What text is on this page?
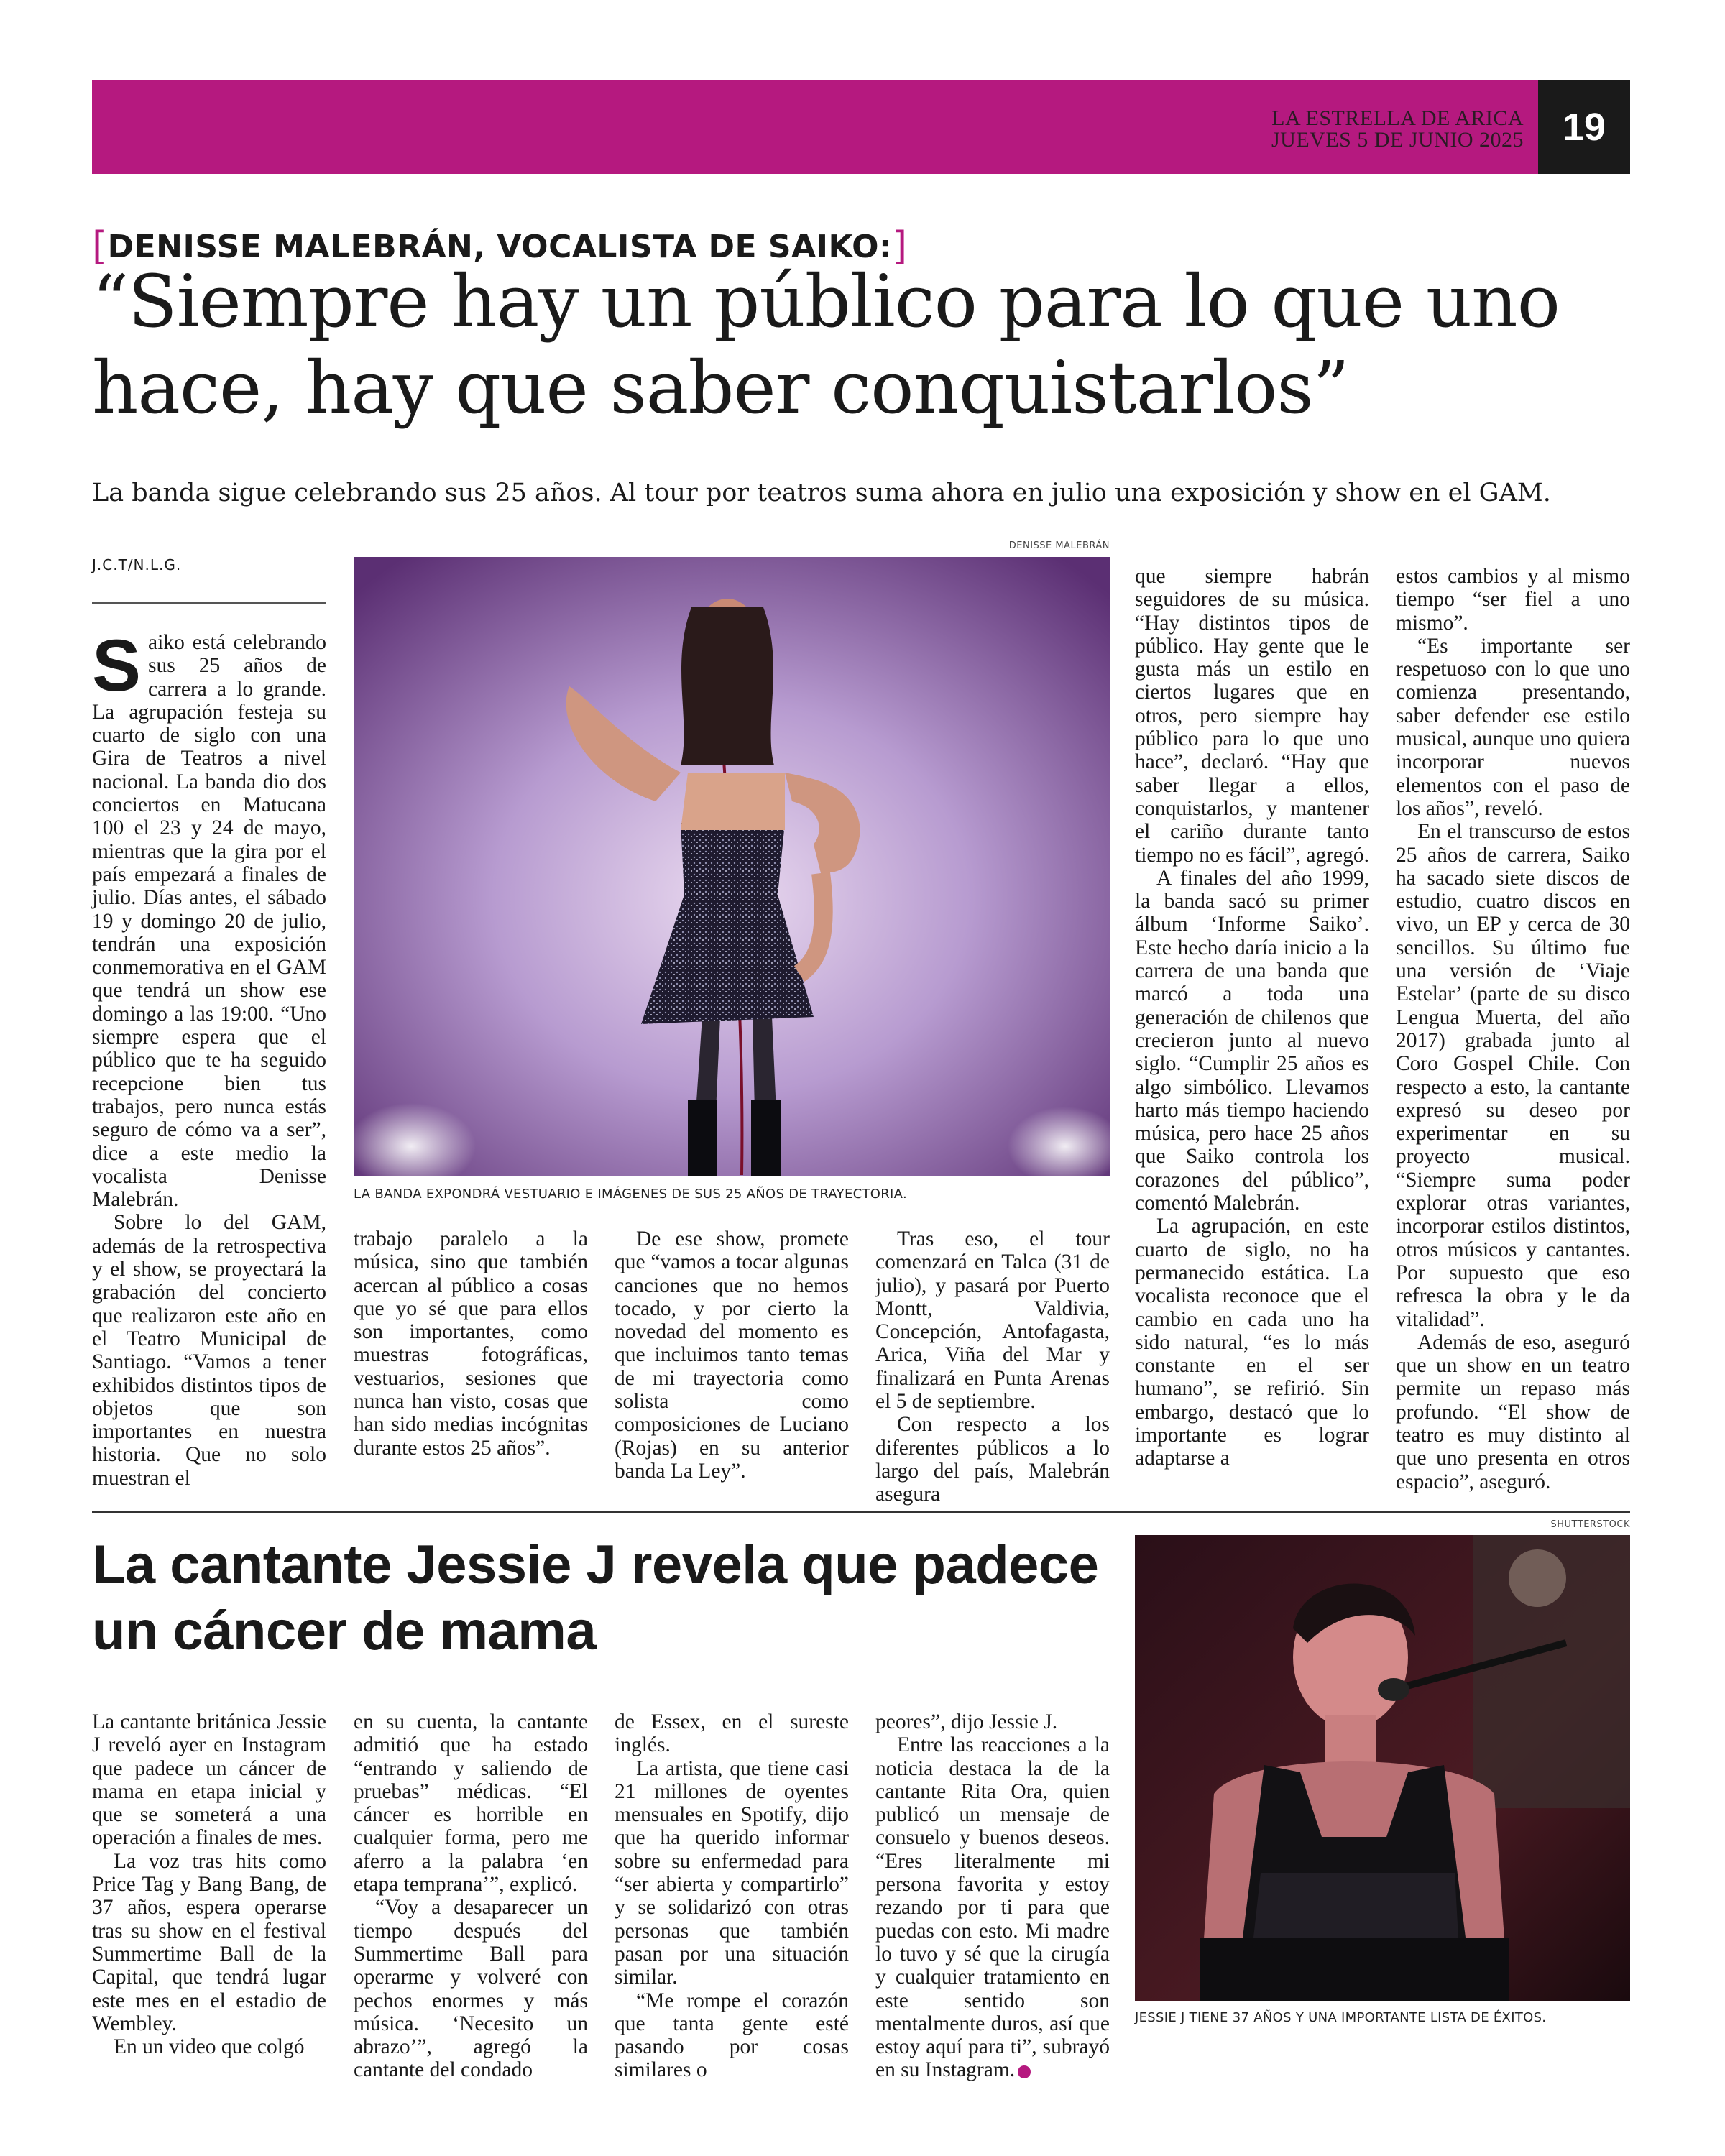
LA ESTRELLA DE ARICA
JUEVES 5 DE JUNIO 2025 19
[DENISSE MALEBRÁN, VOCALISTA DE SAIKO:]
“Siempre hay un público para lo que uno hace, hay que saber conquistarlos”
La banda sigue celebrando sus 25 años. Al tour por teatros suma ahora en julio una exposición y show en el GAM.
J.C.T/N.L.G.

Saiko está celebrando sus 25 años de carrera a lo grande. La agrupación festeja su cuarto de siglo con una Gira de Teatros a nivel nacional. La banda dio dos conciertos en Matucana 100 el 23 y 24 de mayo, mientras que la gira por el país empezará a finales de julio. Días antes, el sábado 19 y domingo 20 de julio, tendrán una exposición conmemorativa en el GAM que tendrá un show ese domingo a las 19:00. “Uno siempre espera que el público que te ha seguido recepcione bien tus trabajos, pero nunca estás seguro de cómo va a ser”, dice a este medio la vocalista Denisse Malebrán.

Sobre lo del GAM, además de la retrospectiva y el show, se proyectará la grabación del concierto que realizaron este año en el Teatro Municipal de Santiago. “Vamos a tener exhibidos distintos tipos de objetos que son importantes en nuestra historia. Que no solo muestran el

DENISSE MALEBRÁN
LA BANDA EXPONDRÁ VESTUARIO E IMÁGENES DE SUS 25 AÑOS DE TRAYECTORIA.

trabajo paralelo a la música, sino que también acercan al público a cosas que yo sé que para ellos son importantes, como muestras fotográficas, vestuarios, sesiones que nunca han visto, cosas que han sido medias incógnitas durante estos 25 años”.

De ese show, promete que “vamos a tocar algunas canciones que no hemos tocado, y por cierto la novedad del momento es que incluimos tanto temas de mi trayectoria como solista como composiciones de Luciano (Rojas) en su anterior banda La Ley”.

Tras eso, el tour comenzará en Talca (31 de julio), y pasará por Puerto Montt, Valdivia, Concepción, Antofagasta, Arica, Viña del Mar y finalizará en Punta Arenas el 5 de septiembre.

Con respecto a los diferentes públicos a lo largo del país, Malebrán asegura

que siempre habrán seguidores de su música. “Hay distintos tipos de público. Hay gente que le gusta más un estilo en ciertos lugares que en otros, pero siempre hay público para lo que uno hace”, declaró. “Hay que saber llegar a ellos, conquistarlos, y mantener el cariño durante tanto tiempo no es fácil”, agregó.

A finales del año 1999, la banda sacó su primer álbum ‘Informe Saiko’. Este hecho daría inicio a la carrera de una banda que marcó a toda una generación de chilenos que crecieron junto al nuevo siglo. “Cumplir 25 años es algo simbólico. Llevamos harto más tiempo haciendo música, pero hace 25 años que Saiko controla los corazones del público”, comentó Malebrán.

La agrupación, en este cuarto de siglo, no ha permanecido estática. La vocalista reconoce que el cambio en cada uno ha sido natural, “es lo más constante en el ser humano”, se refirió. Sin embargo, destacó que lo importante es lograr adaptarse a

estos cambios y al mismo tiempo “ser fiel a uno mismo”.

“Es importante ser respetuoso con lo que uno comienza presentando, saber defender ese estilo musical, aunque uno quiera incorporar nuevos elementos con el paso de los años”, reveló.

En el transcurso de estos 25 años de carrera, Saiko ha sacado siete discos de estudio, cuatro discos en vivo, un EP y cerca de 30 sencillos. Su último fue una versión de ‘Viaje Estelar’ (parte de su disco Lengua Muerta, del año 2017) grabada junto al Coro Gospel Chile. Con respecto a esto, la cantante expresó su deseo por experimentar en su proyecto musical. “Siempre suma poder explorar otras variantes, incorporar estilos distintos, otros músicos y cantantes. Por supuesto que eso refresca la obra y le da vitalidad”.

Además de eso, aseguró que un show en un teatro permite un repaso más profundo. “El show de teatro es muy distinto al que uno presenta en otros espacio”, aseguró.

SHUTTERSTOCK
La cantante Jessie J revela que padece un cáncer de mama

La cantante británica Jessie J reveló ayer en Instagram que padece un cáncer de mama en etapa inicial y que se someterá a una operación a finales de mes.

La voz tras hits como Price Tag y Bang Bang, de 37 años, espera operarse tras su show en el festival Summertime Ball de la Capital, que tendrá lugar este mes en el estadio de Wembley.

En un video que colgó

en su cuenta, la cantante admitió que ha estado “entrando y saliendo de pruebas” médicas. “El cáncer es horrible en cualquier forma, pero me aferro a la palabra ‘en etapa temprana’”, explicó.

“Voy a desaparecer un tiempo después del Summertime Ball para operarme y volveré con pechos enormes y más música. ‘Necesito un abrazo’”, agregó la cantante del condado

de Essex, en el sureste inglés.

La artista, que tiene casi 21 millones de oyentes mensuales en Spotify, dijo que ha querido informar sobre su enfermedad para “ser abierta y compartirlo” y se solidarizó con otras personas que también pasan por una situación similar.

“Me rompe el corazón que tanta gente esté pasando por cosas similares o

peores”, dijo Jessie J.

Entre las reacciones a la noticia destaca la de la cantante Rita Ora, quien publicó un mensaje de consuelo y buenos deseos. “Eres literalmente mi persona favorita y estoy rezando por ti para que puedas con esto. Mi madre lo tuvo y sé que la cirugía y cualquier tratamiento en este sentido son mentalmente duros, así que estoy aquí para ti”, subrayó en su Instagram. o

JESSIE J TIENE 37 AÑOS Y UNA IMPORTANTE LISTA DE ÉXITOS.
